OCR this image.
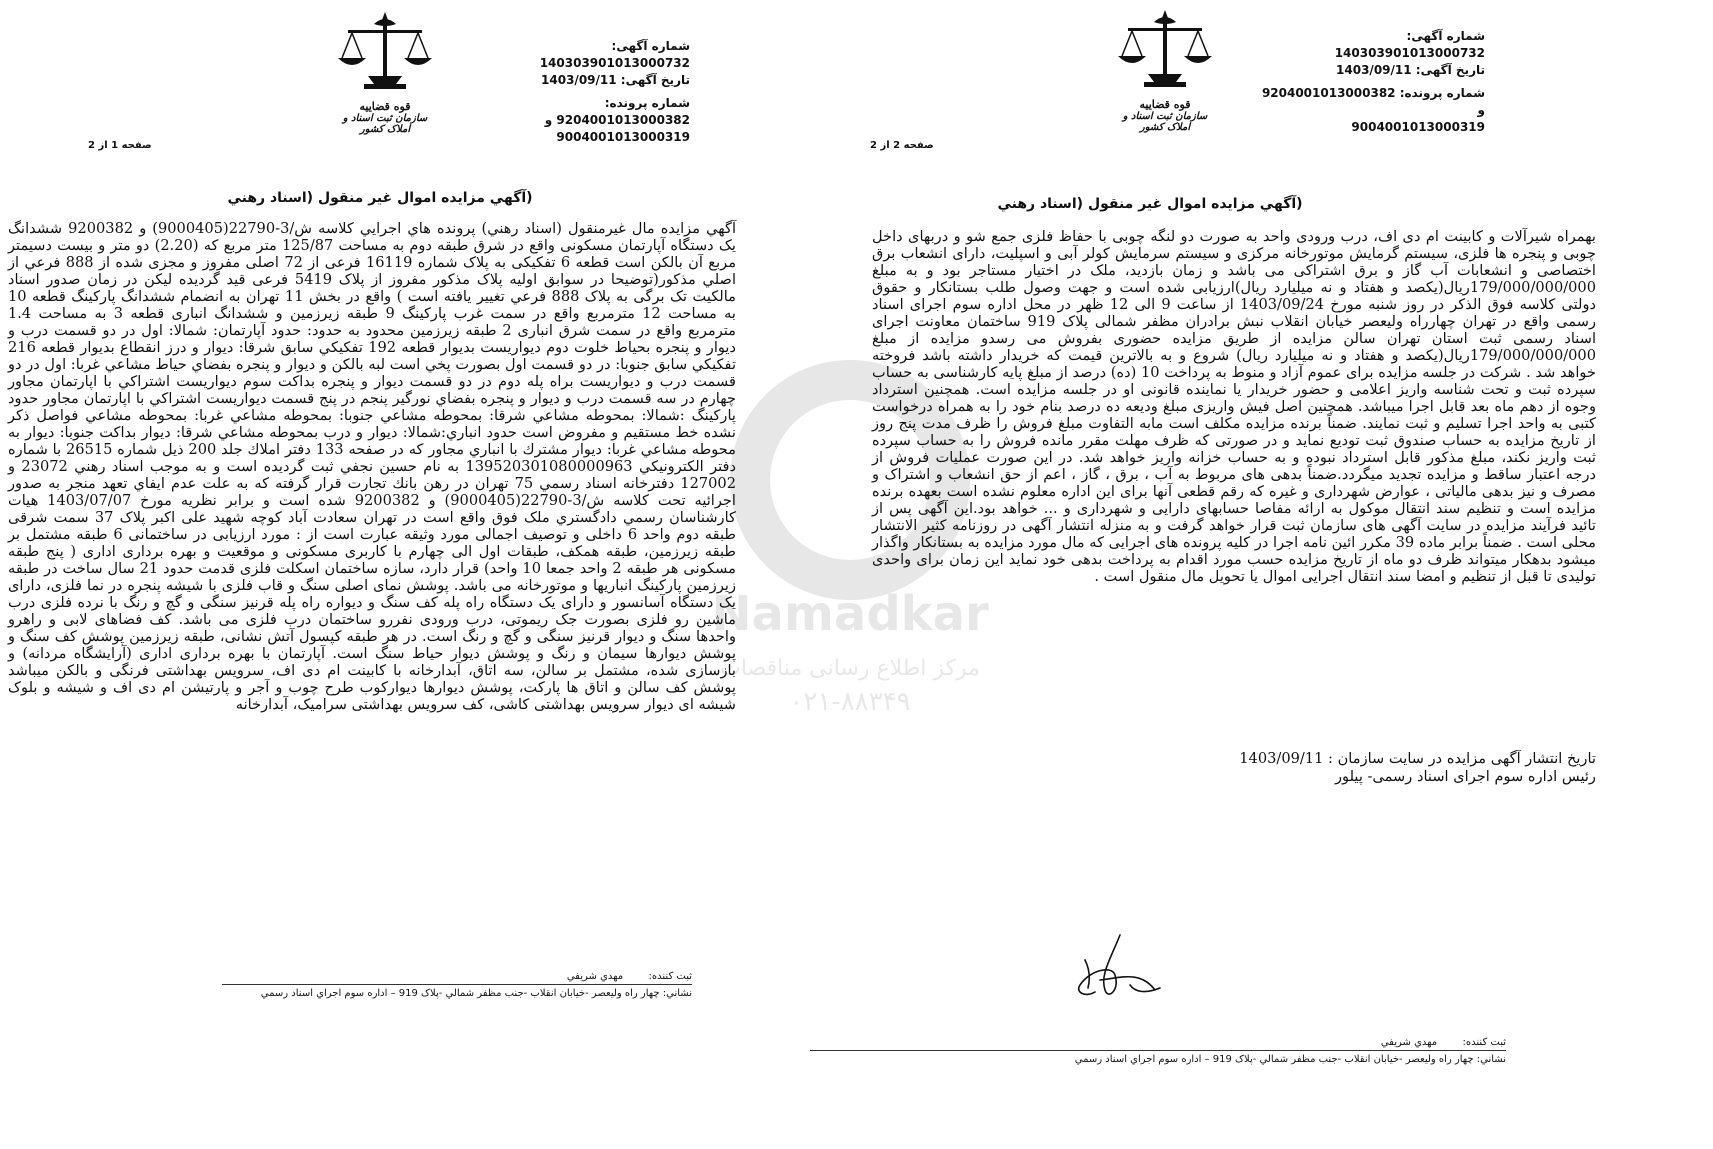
Namadkar
مرکز اطلاع رسانی مناقصات
۰۲۱-۸۸۳۴۹
قوه قضاییه
سازمان ثبت اسناد و املاک کشور
شماره آگهی: 140303901013000732
تاریخ آگهی: 1403/09/11
شماره پرونده: 9204001013000382 و
9004001013000319
صفحه 1 از 2
(آگهي مزايده اموال غير منقول (اسناد رهني

آگهي مزايده مال غيرمنقول (اسناد رهني) پرونده هاي اجرايي كلاسه ش/3-22790(9000405) و 9200382 ششدانگ یک دستگاه آپارتمان مسکونی واقع در شرق طبقه دوم به مساحت 125/87 متر مربع که (2.20) دو متر و بیست دسیمتر مربع آن بالکن است قطعه 6 تفکیکی به پلاک شماره 16119 فرعی از 72 اصلی مفروز و مجزی شده از 888 فرعي از اصلي مذكور(توضيحا در سوابق اوليه پلاک مذكور مفروز از پلاک 5419 فرعی قید گرديده ليكن در زمان صدور اسناد مالکیت تک برگی به پلاک 888 فرعي تغيير يافته است ) واقع در بخش 11 تهران به انضمام ششدانگ پارکینگ قطعه 10 به مساحت 12 مترمربع واقع در سمت غرب پارکینگ 9 طبقه زیرزمین و ششدانگ انباری قطعه 3 به مساحت 1.4 مترمربع واقع در سمت شرق انباری 2 طبقه زیرزمین محدود به حدود: حدود آپارتمان: شمالا: اول در دو قسمت درب و دیوار و پنجره بحیاط خلوت دوم دیواریست بدیوار قطعه 192 تفكيكي سابق شرقا: ديوار و درز انقطاع بديوار قطعه 216 تفكيكي سابق جنوبا: در دو قسمت اول بصورت پخي است لبه بالكن و ديوار و پنجره بفضاي حياط مشاعي غربا: اول در دو قسمت درب و ديواريست براه پله دوم در دو قسمت ديوار و پنجره بداكت سوم ديواريست اشتراكي با اپارتمان مجاور چهارم در سه قسمت درب و ديوار و پنجره بفضاي نورگير پنجم در پنج قسمت ديواريست اشتراكي با اپارتمان مجاور حدود پاركينگ :شمالا: بمحوطه مشاعي شرقا: بمحوطه مشاعي جنوبا: بمحوطه مشاعي غربا: بمحوطه مشاعي فواصل ذكر نشده خط مستقيم و مفروض است حدود انباري:شمالا: ديوار و درب بمحوطه مشاعي شرقا: ديوار بداكت جنوبا: ديوار به محوطه مشاعي غربا: ديوار مشترك با انباري مجاور كه در صفحه 133 دفتر املاك جلد 200 ذيل شماره 26515 با شماره دفتر الكترونيكي 139520301080000963 به نام حسين نجفي ثبت گرديده است و به موجب اسناد رهني 23072 و 127002 دفترخانه اسناد رسمي 75 تهران در رهن بانك تجارت قرار گرفته كه به علت عدم ايفاي تعهد منجر به صدور اجرائيه تحت كلاسه ش/3-22790(9000405) و 9200382 شده است و برابر نظريه مورخ 1403/07/07 هيات كارشناسان رسمي دادگستري ملک فوق واقع است در تهران سعادت آباد کوچه شهید علی اکبر پلاک 37 سمت شرقی طبقه دوم واحد 6 داخلی و توصیف اجمالی مورد وثیقه عبارت است از : مورد ارزیابی در ساختمانی 6 طبقه مشتمل بر طبقه زیرزمین، طبقه همکف، طبقات اول الی چهارم با کاربری مسکونی و موقعیت و بهره برداری اداری ( پنج طبقه مسکونی هر طبقه 2 واحد جمعا 10 واحد) قرار دارد، سازه ساختمان اسکلت فلزی قدمت حدود 21 سال ساخت در طبقه زیرزمین پارکینگ انباریها و موتورخانه می باشد. پوشش نمای اصلی سنگ و قاب فلزی با شیشه پنجره در نما فلزی، دارای یک دستگاه آسانسور و دارای یک دستگاه راه پله کف سنگ و دیواره راه پله قرنیز سنگی و گچ و رنگ با نرده فلزی درب ماشین رو فلزی بصورت جک ریموتی، درب ورودی نفررو ساختمان درب فلزی می باشد. کف فضاهای لابی و راهرو واحدها سنگ و دیوار قرنیز سنگی و گچ و رنگ است. در هر طبقه کپسول آتش نشانی، طبقه زیرزمین پوشش کف سنگ و پوشش دیوارها سیمان و رنگ و پوشش دیوار حیاط سنگ است. آپارتمان با بهره برداری اداری (آرایشگاه مردانه) و بازسازی شده، مشتمل بر سالن، سه اتاق، آبدارخانه با کابینت ام دی اف، سرویس بهداشتی فرنگی و بالکن میباشد پوشش کف سالن و اتاق ها پارکت، پوشش دیوارها دیوارکوب طرح چوب و آجر و پارتیشن ام دی اف و شیشه و بلوک شیشه ای دیوار سرویس بهداشتی کاشی، کف سرویس بهداشتی سرامیک، آبدارخانه

ثبت کننده:        مهدي شريفي
نشاني: چهار راه وليعصر -خيابان انقلاب -جنب مظفر شمالي -پلاک 919 – اداره سوم اجراي اسناد رسمي
قوه قضاییه
سازمان ثبت اسناد و املاک کشور
شماره آگهی: 140303901013000732
تاریخ آگهی: 1403/09/11
شماره پرونده: 9204001013000382 و
9004001013000319
صفحه 2 از 2
(آگهي مزايده اموال غير منقول (اسناد رهني

بهمراه شیرآلات و کابینت ام دی اف، درب ورودی واحد به صورت دو لنگه چوبی با حفاظ فلزی جمع شو و دربهای داخل چوبی و پنجره ها فلزی، سیستم گرمایش موتورخانه مرکزی و سیستم سرمایش کولر آبی و اسپلیت، دارای انشعاب برق اختصاصی و انشعابات آب گاز و برق اشتراکی می باشد و زمان بازدید، ملک در اختیار مستاجر بود و به مبلغ 179/000/000/000ريال(یکصد و هفتاد و نه میلیارد ريال)ارزيابی شده است و جهت وصول طلب بستانکار و حقوق دولتی کلاسه فوق الذکر در روز شنبه مورخ 1403/09/24 از ساعت 9 الی 12 ظهر در محل اداره سوم اجرای اسناد رسمی واقع در تهران چهارراه ولیعصر خیابان انقلاب نبش برادران مظفر شمالی پلاک 919 ساختمان معاونت اجرای اسناد رسمی ثبت استان تهران سالن مزایده از طریق مزایده حضوری بفروش می رسدو مزایده از مبلغ 179/000/000/000ريال(یکصد و هفتاد و نه میلیارد ريال) شروع و به بالاترین قیمت که خریدار داشته باشد فروخته خواهد شد . شرکت در جلسه مزایده برای عموم آزاد و منوط به پرداخت 10 (ده) درصد از مبلغ پایه کارشناسی به حساب سپرده ثبت و تحت شناسه واریز اعلامی و حضور خریدار یا نماینده قانونی او در جلسه مزایده است. همچنین استرداد وجوه از دهم ماه بعد قابل اجرا میباشد. همچنین اصل فیش واریزی مبلغ ودیعه ده درصد بنام خود را به همراه درخواست کتبی به واحد اجرا تسلیم و ثبت نمایند. ضمناً برنده مزایده مکلف است مابه التفاوت مبلغ فروش را ظرف مدت پنج روز از تاریخ مزایده به حساب صندوق ثبت تودیع نماید و در صورتی که ظرف مهلت مقرر مانده فروش را به حساب سپرده ثبت واریز نکند، مبلغ مذکور قابل استرداد نبوده و به حساب خزانه واریز خواهد شد. در این صورت عملیات فروش از درجه اعتبار ساقط و مزایده تجدید میگردد.ضمناً بدهی های مربوط به آب ، برق ، گاز ، اعم از حق انشعاب و اشتراک و مصرف و نیز بدهی مالیاتی ، عوارض شهرداری و غیره که رقم قطعی آنها برای این اداره معلوم نشده است بعهده برنده مزایده است و تنظیم سند انتقال موکول به ارائه مفاصا حسابهای دارایی و شهرداری و ... خواهد بود.این آگهی پس از تائید فرآیند مزایده در سایت آگهی های سازمان ثبت قرار خواهد گرفت و به منزله انتشار آگهی در روزنامه کثیر الانتشار محلی است . ضمناً برابر ماده 39 مکرر ائین نامه اجرا در کلیه پرونده های اجرایی که مال مورد مزایده به بستانکار واگذار میشود بدهکار میتواند ظرف دو ماه از تاریخ مزایده حسب مورد اقدام به پرداخت بدهی خود نماید این زمان برای واحدی تولیدی تا قبل از تنظیم و امضا سند انتقال اجرایی اموال یا تحویل مال منقول است .

تاریخ انتشار آگهی مزایده در سایت سازمان : 1403/09/11
رئيس اداره سوم اجرای اسناد رسمی- پیلور
ثبت کننده:        مهدي شريفي
نشاني: چهار راه وليعصر -خيابان انقلاب -جنب مظفر شمالي -پلاک 919 – اداره سوم اجراي اسناد رسمي
